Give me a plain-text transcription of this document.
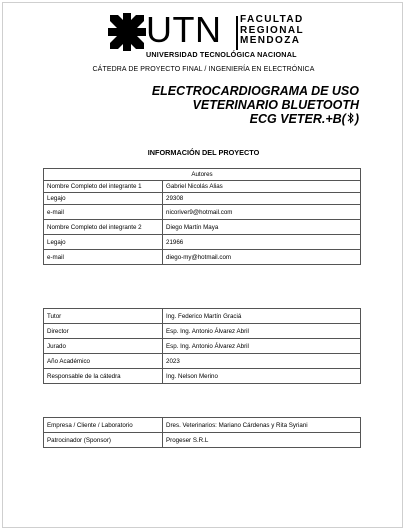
UTN FACULTAD
REGIONAL
MENDOZA
UNIVERSIDAD TECNOLÓGICA NACIONAL
CÁTEDRA DE PROYECTO FINAL / INGENIERÍA EN ELECTRÓNICA
ELECTROCARDIOGRAMA DE USO
VETERINARIO BLUETOOTH
ECG VETER.+B( )
INFORMACIÓN DEL PROYECTO
Autores	
Nombre Completo del integrante 1	Gabriel Nicolás Alias
Legajo	29308
e-mail	nicoriver9@hotmail.com
Nombre Completo del integrante 2	Diego Martín Maya
Legajo	21966
e-mail	diego-my@hotmail.com
Tutor	Ing. Federico Martín Graciá
Director	Esp. Ing. Antonio Álvarez Abril
Jurado	Esp. Ing. Antonio Álvarez Abril
Año Académico	2023
Responsable de la cátedra	Ing. Nelson Merino
Empresa / Cliente / Laboratorio	Dres. Veterinarios: Mariano Cárdenas y Rita Syriani
Patrocinador (Sponsor)	Progeser S.R.L
